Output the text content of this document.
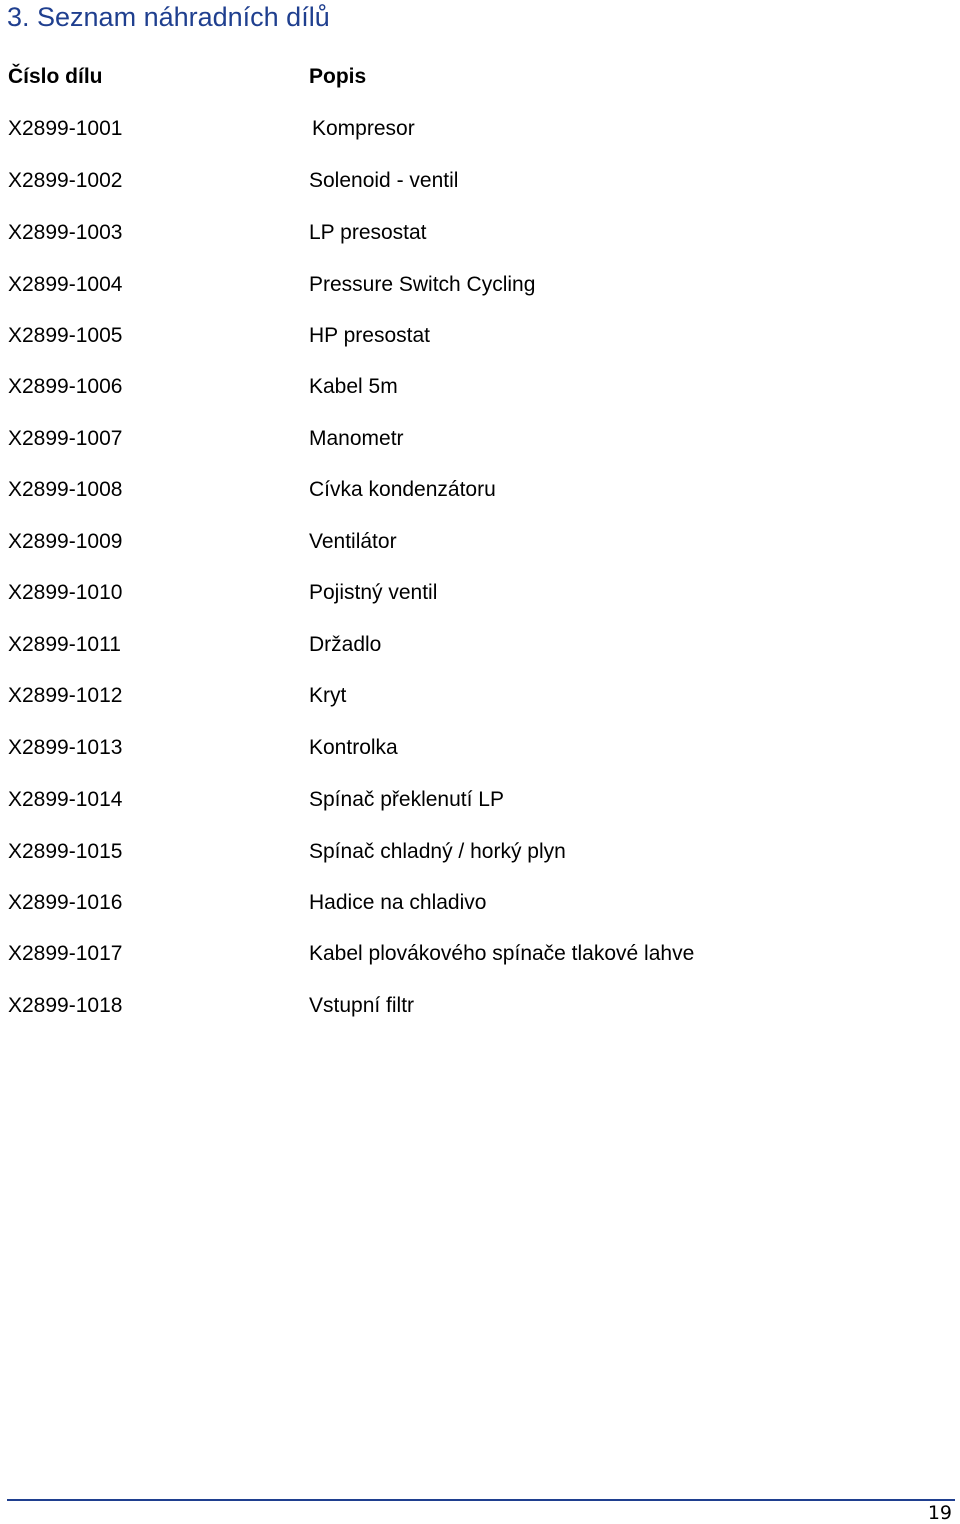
3. Seznam náhradních dílů
Číslo dílu	Popis
X2899-1001	Kompresor
X2899-1002	Solenoid - ventil
X2899-1003	LP presostat
X2899-1004	Pressure Switch Cycling
X2899-1005	HP presostat
X2899-1006	Kabel 5m
X2899-1007	Manometr
X2899-1008	Cívka kondenzátoru
X2899-1009	Ventilátor
X2899-1010	Pojistný ventil
X2899-1011	Držadlo
X2899-1012	Kryt
X2899-1013	Kontrolka
X2899-1014	Spínač překlenutí LP
X2899-1015	Spínač chladný / horký plyn
X2899-1016	Hadice na chladivo
X2899-1017	Kabel plovákového spínače tlakové lahve
X2899-1018	Vstupní filtr
19
